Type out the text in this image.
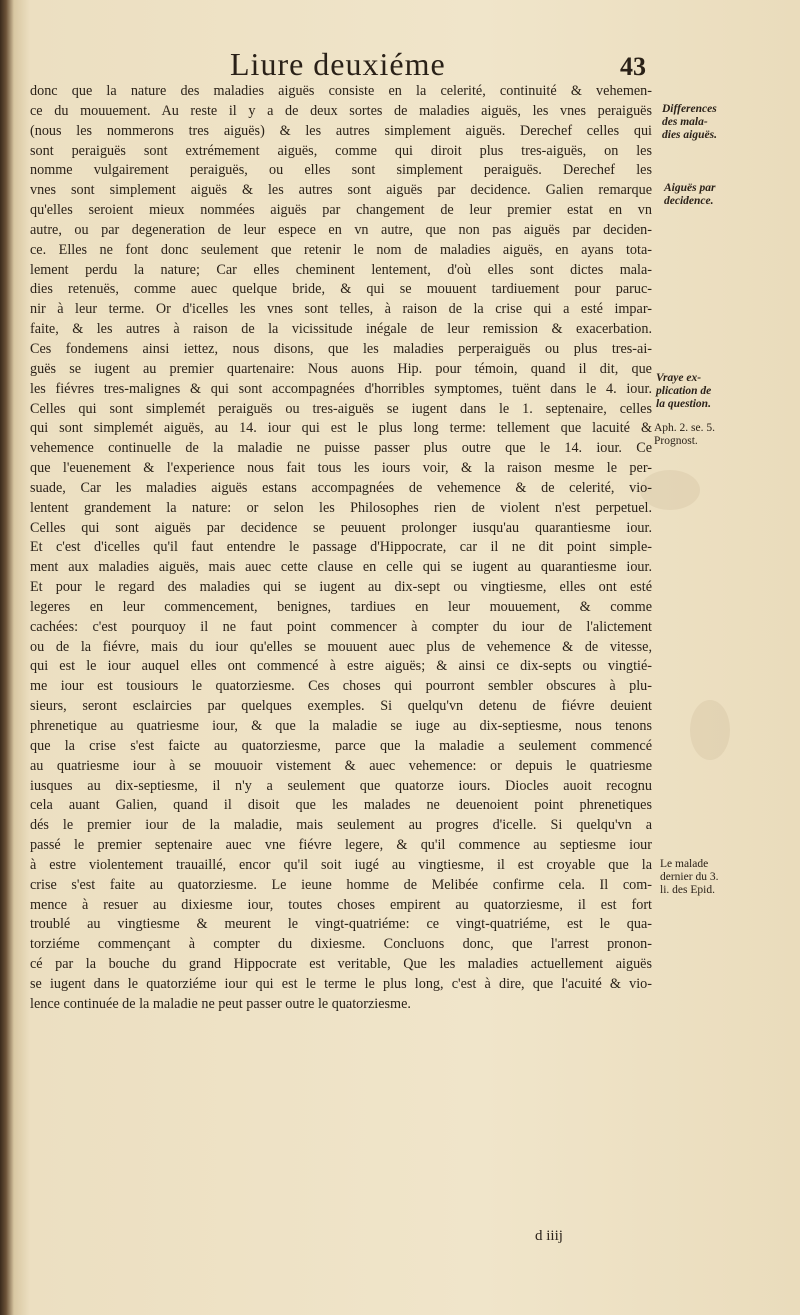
Liure deuxiéme	43
donc que la nature des maladies aiguës consiste en la celerité, continuité & vehemen-
ce du mouuement. Au reste il y a de deux sortes de maladies aiguës, les vnes peraiguës
(nous les nommerons tres aiguës) & les autres simplement aiguës. Derechef celles qui
sont peraiguës sont extrémement aiguës, comme qui diroit plus tres-aiguës, on les
nomme vulgairement peraiguës, ou elles sont simplement peraiguës. Derechef les
vnes sont simplement aiguës & les autres sont aiguës par decidence. Galien remarque
qu'elles seroient mieux nommées aiguës par changement de leur premier estat en vn
autre, ou par degeneration de leur espece en vn autre, que non pas aiguës par deciden-
ce. Elles ne font donc seulement que retenir le nom de maladies aiguës, en ayans tota-
lement perdu la nature; Car elles cheminent lentement, d'où elles sont dictes mala-
dies retenuës, comme auec quelque bride, & qui se mouuent tardiuement pour paruc-
nir à leur terme. Or d'icelles les vnes sont telles, à raison de la crise qui a esté impar-
faite, & les autres à raison de la vicissitude inégale de leur remission & exacerbation.
Ces fondemens ainsi iettez, nous disons, que les maladies perperaiguës ou plus tres-ai-
guës se iugent au premier quartenaire: Nous auons Hip. pour témoin, quand il dit, que
les fiévres tres-malignes & qui sont accompagnées d'horribles symptomes, tuënt dans le 4. iour.
Celles qui sont simplemét peraiguës ou tres-aiguës se iugent dans le 1. septenaire, celles
qui sont simplemét aiguës, au 14. iour qui est le plus long terme: tellement que lacuité &
vehemence continuelle de la maladie ne puisse passer plus outre que le 14. iour. Ce
que l'euenement & l'experience nous fait tous les iours voir, & la raison mesme le per-
suade, Car les maladies aiguës estans accompagnées de vehemence & de celerité, vio-
lentent grandement la nature: or selon les Philosophes rien de violent n'est perpetuel.
Celles qui sont aiguës par decidence se peuuent prolonger iusqu'au quarantiesme iour.
Et c'est d'icelles qu'il faut entendre le passage d'Hippocrate, car il ne dit point simple-
ment aux maladies aiguës, mais auec cette clause en celle qui se iugent au quarantiesme iour.
Et pour le regard des maladies qui se iugent au dix-sept ou vingtiesme, elles ont esté
legeres en leur commencement, benignes, tardiues en leur mouuement, & comme
cachées: c'est pourquoy il ne faut point commencer à compter du iour de l'alictement
ou de la fiévre, mais du iour qu'elles se mouuent auec plus de vehemence & de vitesse,
qui est le iour auquel elles ont commencé à estre aiguës; & ainsi ce dix-septs ou vingtié-
me iour est tousiours le quatorziesme. Ces choses qui pourront sembler obscures à plu-
sieurs, seront esclaircies par quelques exemples. Si quelqu'vn detenu de fiévre deuient
phrenetique au quatriesme iour, & que la maladie se iuge au dix-septiesme, nous tenons
que la crise s'est faicte au quatorziesme, parce que la maladie a seulement commencé
au quatriesme iour à se mouuoir vistement & auec vehemence: or depuis le quatriesme
iusques au dix-septiesme, il n'y a seulement que quatorze iours. Diocles auoit recognu
cela auant Galien, quand il disoit que les malades ne deuenoient point phrenetiques
dés le premier iour de la maladie, mais seulement au progres d'icelle. Si quelqu'vn a
passé le premier septenaire auec vne fiévre legere, & qu'il commence au septiesme iour
à estre violentement trauaillé, encor qu'il soit iugé au vingtiesme, il est croyable que la
crise s'est faite au quatorziesme. Le ieune homme de Melibée confirme cela. Il com-
mence à resuer au dixiesme iour, toutes choses empirent au quatorziesme, il est fort
troublé au vingtiesme & meurent le vingt-quatriéme: ce vingt-quatriéme, est le qua-
torziéme commençant à compter du dixiesme. Concluons donc, que l'arrest pronon-
cé par la bouche du grand Hippocrate est veritable, Que les maladies actuellement aiguës
se iugent dans le quatorziéme iour qui est le terme le plus long, c'est à dire, que l'acuité & vio-
lence continuée de la maladie ne peut passer outre le quatorziesme.
Differences
des mala-
dies aiguës.
Aiguës par
decidence.
Vraye ex-
plication de
la question.
Aph. 2. se. 5.
Prognost.
Le malade
dernier du 3.
li. des Epid.
d iiij
